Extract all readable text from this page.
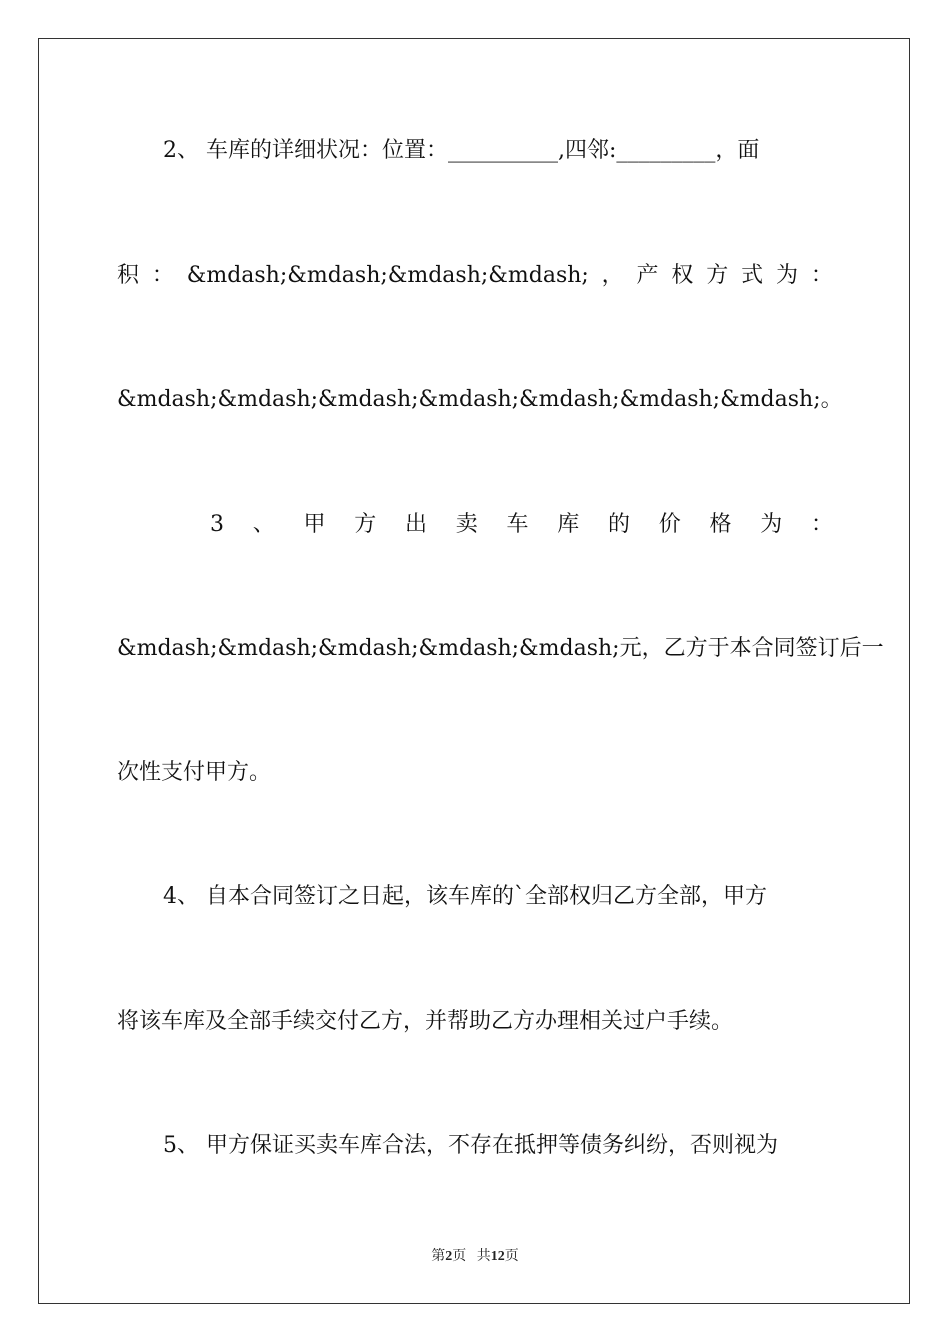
2、 车库的详细状况：位置：__________,四邻:_________，面
积 ： &mdash;&mdash;&mdash;&mdash; ， 产 权 方 式 为 ：
&mdash;&mdash;&mdash;&mdash;&mdash;&mdash;&mdash;。
3 、 甲 方 出 卖 车 库 的 价 格 为 ：
&mdash;&mdash;&mdash;&mdash;&mdash;元，乙方于本合同签订后一
次性支付甲方。
4、 自本合同签订之日起，该车库的`全部权归乙方全部，甲方
将该车库及全部手续交付乙方，并帮助乙方办理相关过户手续。
5、 甲方保证买卖车库合法，不存在抵押等债务纠纷，否则视为
第2页 共12页
